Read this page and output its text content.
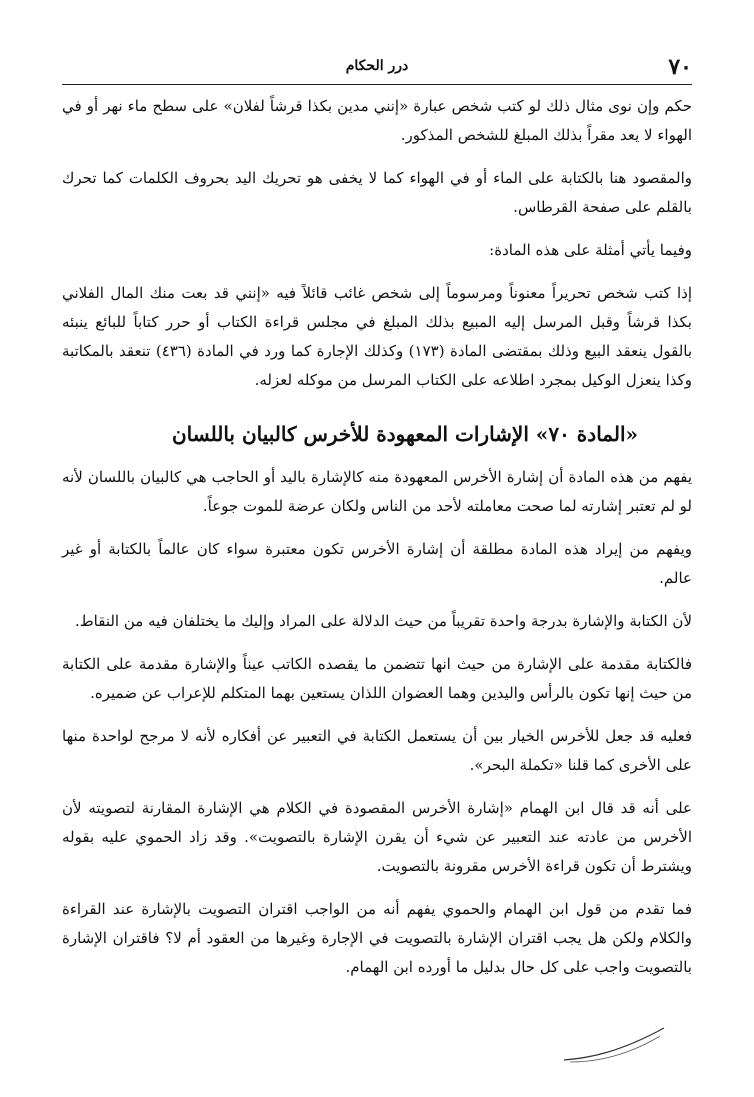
٧٠
درر الحكام

حكم وإن نوى مثال ذلك لو كتب شخص عبارة «إنني مدين بكذا قرشاً لفلان» على سطح ماء نهر أو في الهواء لا يعد مقراً بذلك المبلغ للشخص المذكور.

والمقصود هنا بالكتابة على الماء أو في الهواء كما لا يخفى هو تحريك اليد بحروف الكلمات كما تحرك بالقلم على صفحة القرطاس.

وفيما يأتي أمثلة على هذه المادة:

إذا كتب شخص تحريراً معنوناً ومرسوماً إلى شخص غائب قائلاً فيه «إنني قد بعت منك المال الفلاني بكذا قرشاً وقبل المرسل إليه المبيع بذلك المبلغ في مجلس قراءة الكتاب أو حرر كتاباً للبائع ينبئه بالقول ينعقد البيع وذلك بمقتضى المادة (١٧٣) وكذلك الإجارة كما ورد في المادة (٤٣٦) تنعقد بالمكاتبة وكذا ينعزل الوكيل بمجرد اطلاعه على الكتاب المرسل من موكله لعزله.

«المادة ٧٠» الإشارات المعهودة للأخرس كالبيان باللسان

يفهم من هذه المادة أن إشارة الأخرس المعهودة منه كالإشارة باليد أو الحاجب هي كالبيان باللسان لأنه لو لم تعتبر إشارته لما صحت معاملته لأحد من الناس ولكان عرضة للموت جوعاً.

ويفهم من إيراد هذه المادة مطلقة أن إشارة الأخرس تكون معتبرة سواء كان عالماً بالكتابة أو غير عالم.

لأن الكتابة والإشارة بدرجة واحدة تقريباً من حيث الدلالة على المراد وإليك ما يختلفان فيه من النقاط.

فالكتابة مقدمة على الإشارة من حيث انها تتضمن ما يقصده الكاتب عيناً والإشارة مقدمة على الكتابة من حيث إنها تكون بالرأس واليدين وهما العضوان اللذان يستعين بهما المتكلم للإعراب عن ضميره.

فعليه قد جعل للأخرس الخيار بين أن يستعمل الكتابة في التعبير عن أفكاره لأنه لا مرجح لواحدة منها على الأخرى كما قلنا «تكملة البحر».

على أنه قد قال ابن الهمام «إشارة الأخرس المقصودة في الكلام هي الإشارة المقارنة لتصويته لأن الأخرس من عادته عند التعبير عن شيء أن يقرن الإشارة بالتصويت». وقد زاد الحموي عليه بقوله ويشترط أن تكون قراءة الأخرس مقرونة بالتصويت.

فما تقدم من قول ابن الهمام والحموي يفهم أنه من الواجب اقتران التصويت بالإشارة عند القراءة والكلام ولكن هل يجب اقتران الإشارة بالتصويت في الإجارة وغيرها من العقود أم لا؟ فاقتران الإشارة بالتصويت واجب على كل حال بدليل ما أورده ابن الهمام.
